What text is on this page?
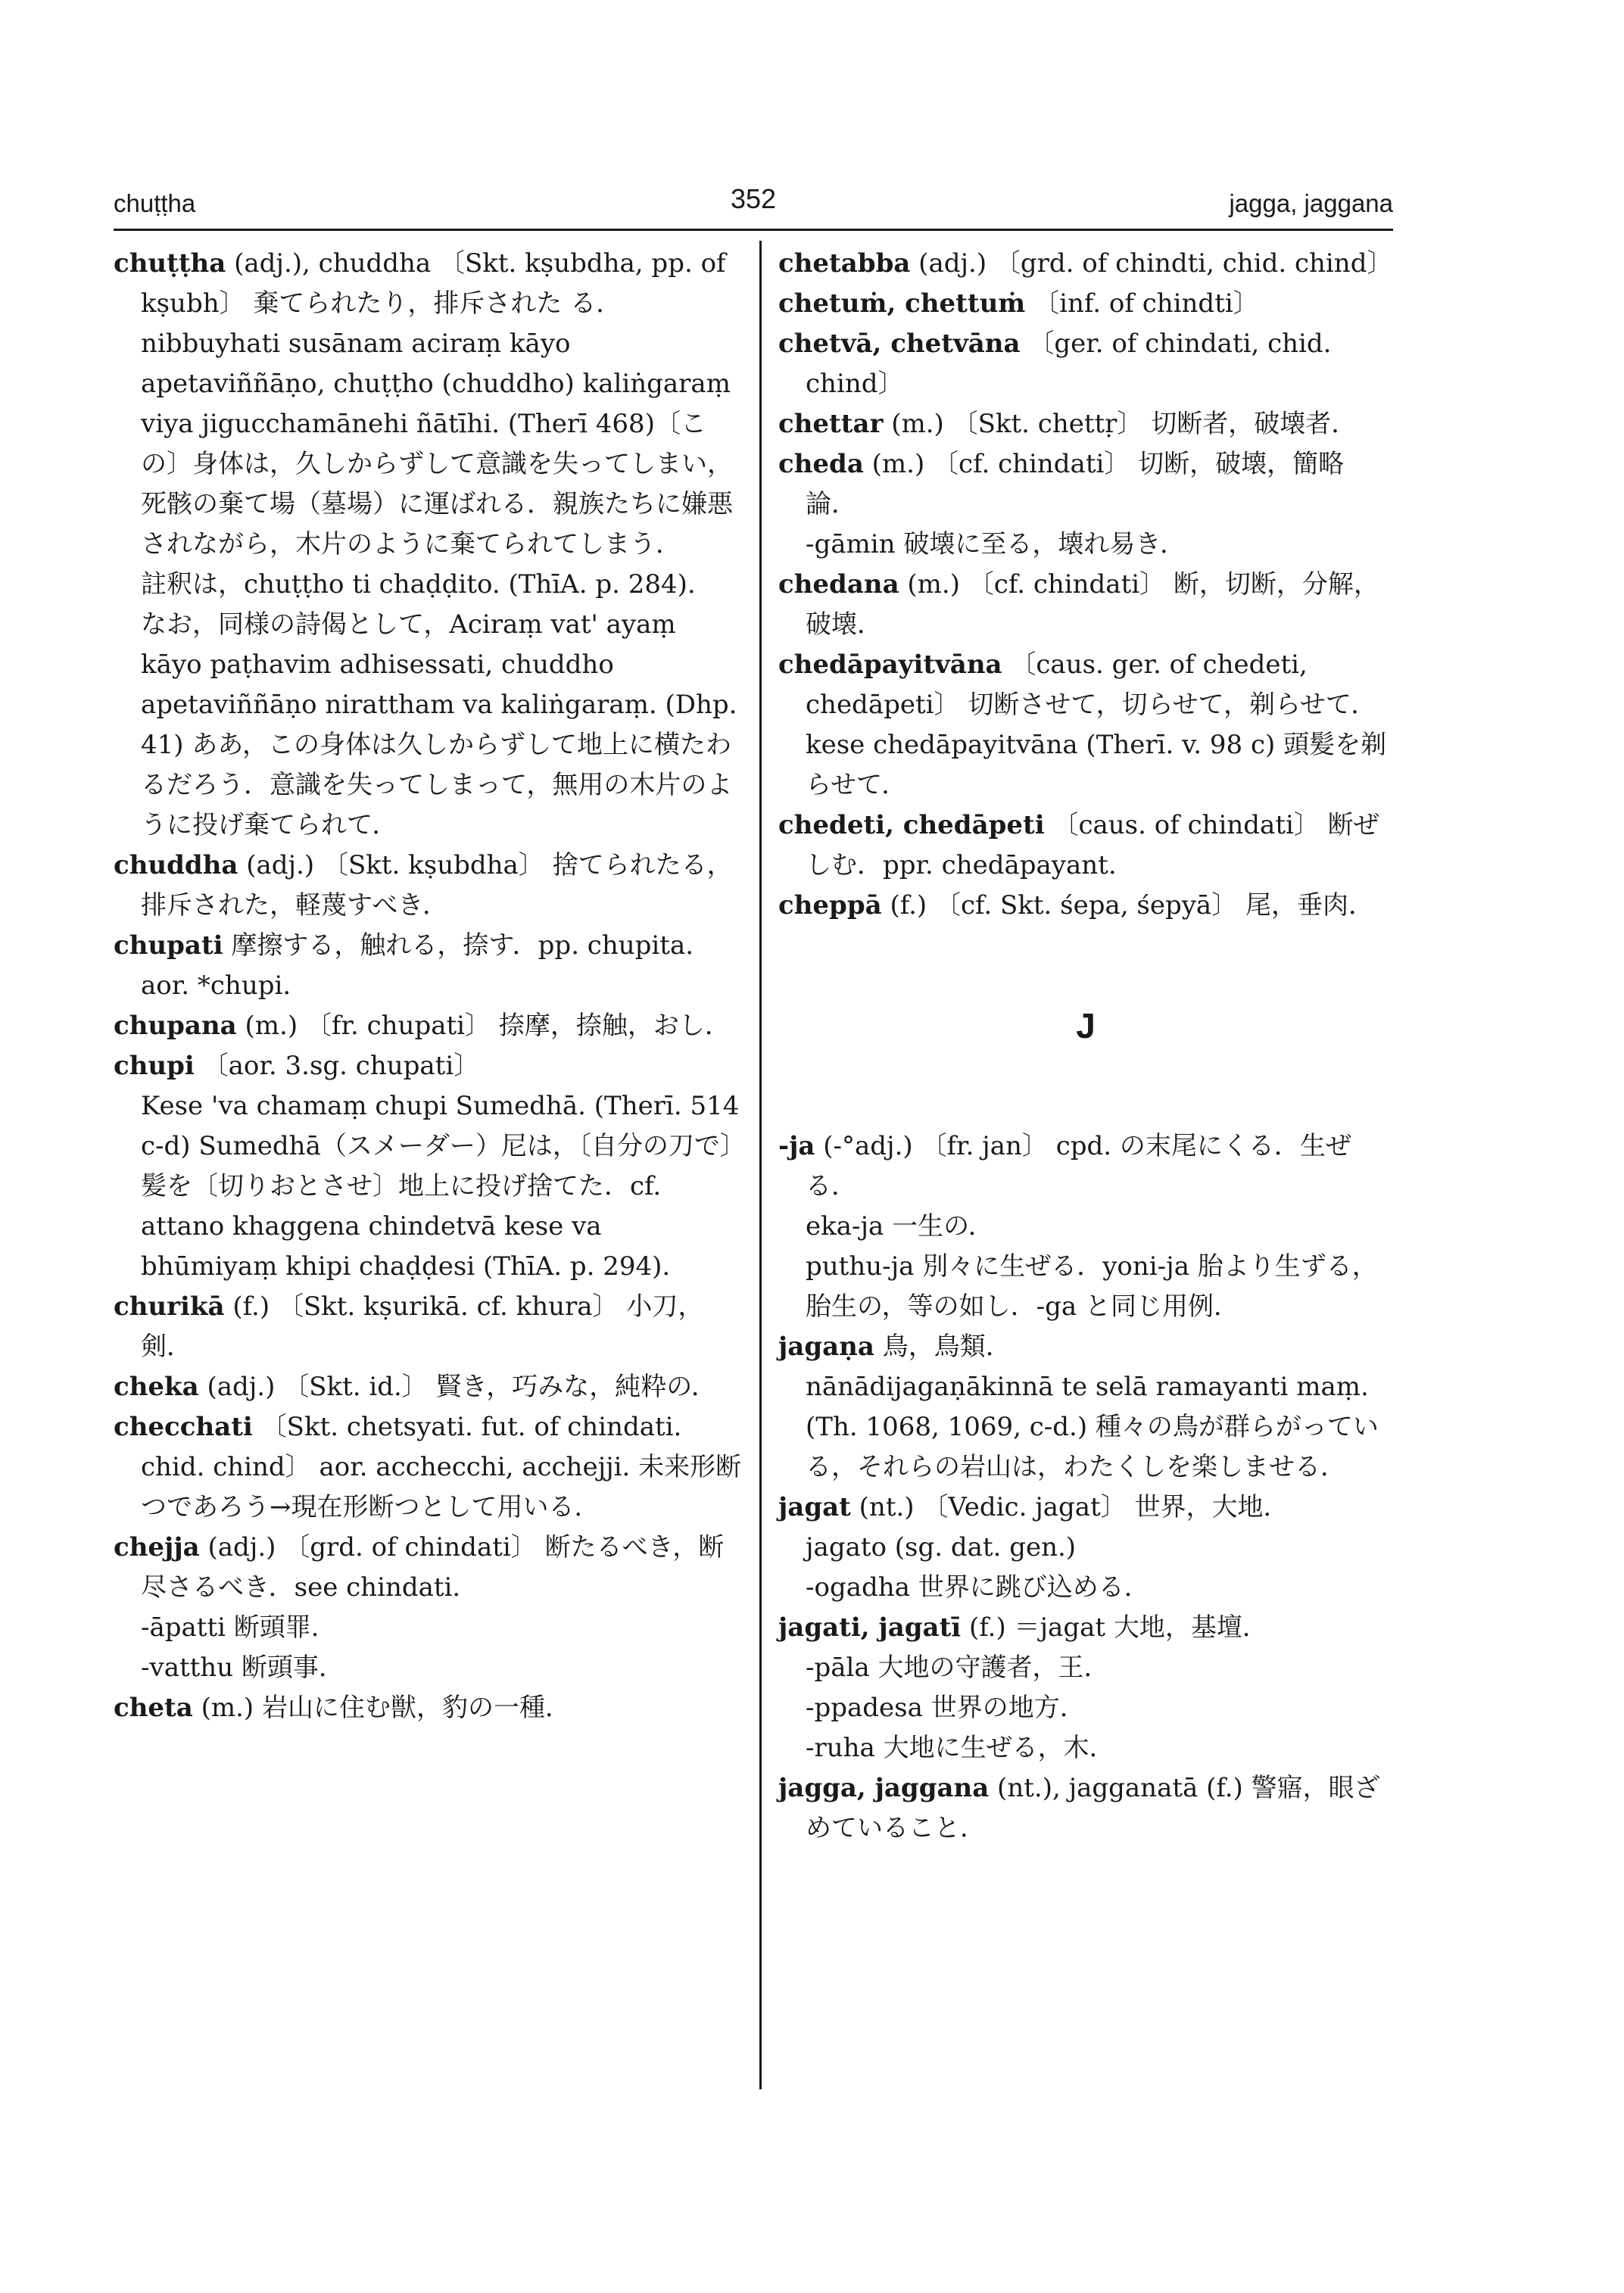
chuṭṭha	352	jagga, jaggana

chuṭṭha (adj.), chuddha 〔Skt. kṣubdha, pp. of kṣubh〕 棄てられたり，排斥された る．

nibbuyhati susānam aciraṃ kāyo apetaviññāṇo, chuṭṭho (chuddho) kaliṅgaraṃ viya jigucchamānehi ñātīhi. (Therī 468)〔この〕身体は，久しからずして意識を失ってしまい，死骸の棄て場（墓場）に運ばれる．親族たちに嫌悪されながら，木片のように棄てられてしまう．

註釈は，chuṭṭho ti chaḍḍito. (ThīA. p. 284).

なお，同様の詩偈として，Aciraṃ vat' ayaṃ kāyo paṭhavim adhisessati, chuddho apetaviññāṇo nirattham va kaliṅgaraṃ. (Dhp. 41) ああ，この身体は久しからずして地上に横たわるだろう．意識を失ってしまって，無用の木片のように投げ棄てられて．

chuddha (adj.) 〔Skt. kṣubdha〕 捨てられたる，排斥された，軽蔑すべき．

chupati 摩擦する，触れる，捺す．pp. chupita. aor. *chupi.

chupana (m.) 〔fr. chupati〕 捺摩，捺触，おし．

chupi 〔aor. 3.sg. chupati〕

Kese 'va chamaṃ chupi Sumedhā. (Therī. 514 c-d) Sumedhā（スメーダー）尼は，〔自分の刀で〕髪を〔切りおとさせ〕地上に投げ捨てた．cf. attano khaggena chindetvā kese va bhūmiyaṃ khipi chaḍḍesi (ThīA. p. 294).

churikā (f.) 〔Skt. kṣurikā. cf. khura〕 小刀，剣．

cheka (adj.) 〔Skt. id.〕 賢き，巧みな，純粋の．

checchati 〔Skt. chetsyati. fut. of chindati. chid. chind〕 aor. acchecchi, acchejji. 未来形断つであろう→現在形断つとして用いる．

chejja (adj.) 〔grd. of chindati〕 断たるべき，断尽さるべき．see chindati.

-āpatti 断頭罪．

-vatthu 断頭事．

cheta (m.) 岩山に住む獣，豹の一種．

chetabba (adj.) 〔grd. of chindti, chid. chind〕

chetuṁ, chettuṁ 〔inf. of chindti〕

chetvā, chetvāna 〔ger. of chindati, chid. chind〕

chettar (m.) 〔Skt. chettṛ〕 切断者，破壊者．

cheda (m.) 〔cf. chindati〕 切断，破壊，簡略論．

-gāmin 破壊に至る，壊れ易き．

chedana (m.) 〔cf. chindati〕 断，切断，分解，破壊．

chedāpayitvāna 〔caus. ger. of chedeti, chedāpeti〕 切断させて，切らせて，剃らせて．

kese chedāpayitvāna (Therī. v. 98 c) 頭髪を剃らせて．

chedeti, chedāpeti 〔caus. of chindati〕 断ぜしむ．ppr. chedāpayant.

cheppā (f.) 〔cf. Skt. śepa, śepyā〕 尾，垂肉．

J

-ja (-°adj.) 〔fr. jan〕 cpd. の末尾にくる．生ぜる．

eka-ja 一生の．

puthu-ja 別々に生ぜる．yoni-ja 胎より生ずる，胎生の，等の如し．-ga と同じ用例．

jagaṇa 鳥，鳥類．

nānādijagaṇākinnā te selā ramayanti maṃ. (Th. 1068, 1069, c-d.) 種々の鳥が群らがっている，それらの岩山は，わたくしを楽しませる．

jagat (nt.) 〔Vedic. jagat〕 世界，大地．

jagato (sg. dat. gen.)

-ogadha 世界に跳び込める．

jagati, jagatī (f.) ＝jagat 大地，基壇．

-pāla 大地の守護者，王．

-ppadesa 世界の地方．

-ruha 大地に生ぜる，木．

jagga, jaggana (nt.), jagganatā (f.) 警寤，眼ざめていること．
